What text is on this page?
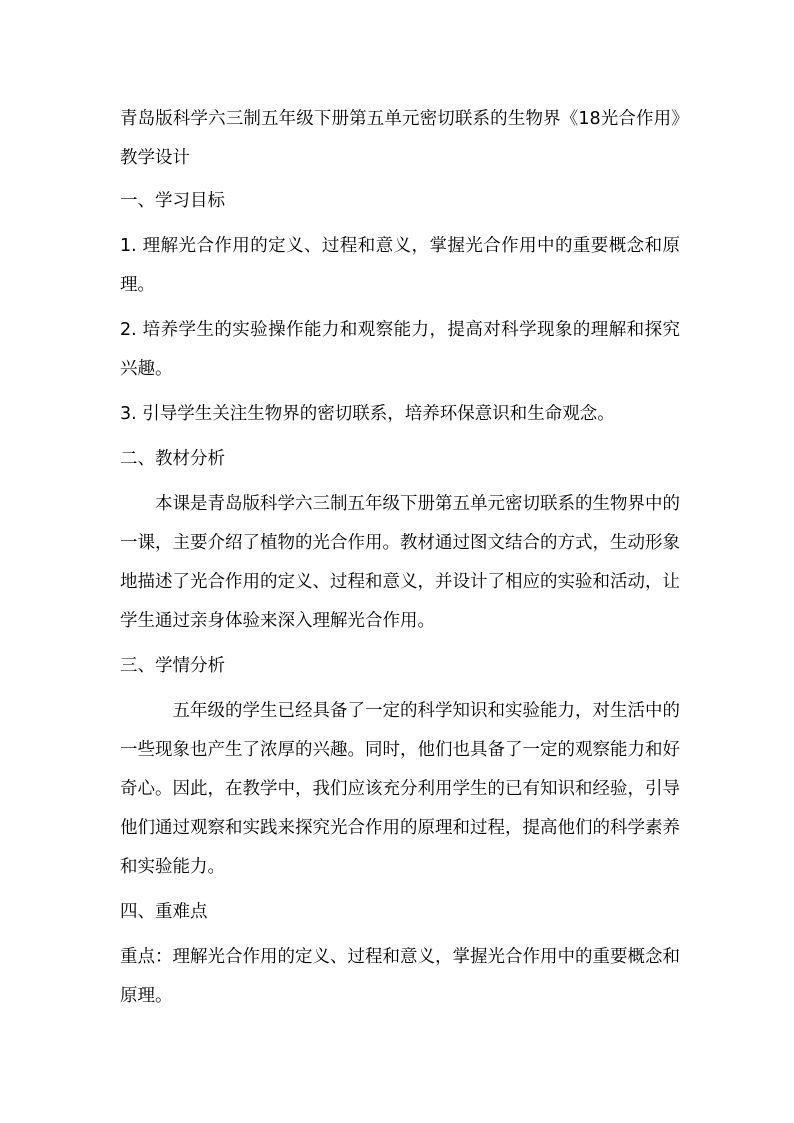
青岛版科学六三制五年级下册第五单元密切联系的生物界《18光合作用》教学设计

一、学习目标

1. 理解光合作用的定义、过程和意义，掌握光合作用中的重要概念和原理。

2. 培养学生的实验操作能力和观察能力，提高对科学现象的理解和探究兴趣。

3. 引导学生关注生物界的密切联系，培养环保意识和生命观念。

二、教材分析

本课是青岛版科学六三制五年级下册第五单元密切联系的生物界中的一课，主要介绍了植物的光合作用。教材通过图文结合的方式，生动形象地描述了光合作用的定义、过程和意义，并设计了相应的实验和活动，让学生通过亲身体验来深入理解光合作用。

三、学情分析

五年级的学生已经具备了一定的科学知识和实验能力，对生活中的一些现象也产生了浓厚的兴趣。同时，他们也具备了一定的观察能力和好奇心。因此，在教学中，我们应该充分利用学生的已有知识和经验，引导他们通过观察和实践来探究光合作用的原理和过程，提高他们的科学素养和实验能力。

四、重难点

重点：理解光合作用的定义、过程和意义，掌握光合作用中的重要概念和原理。
